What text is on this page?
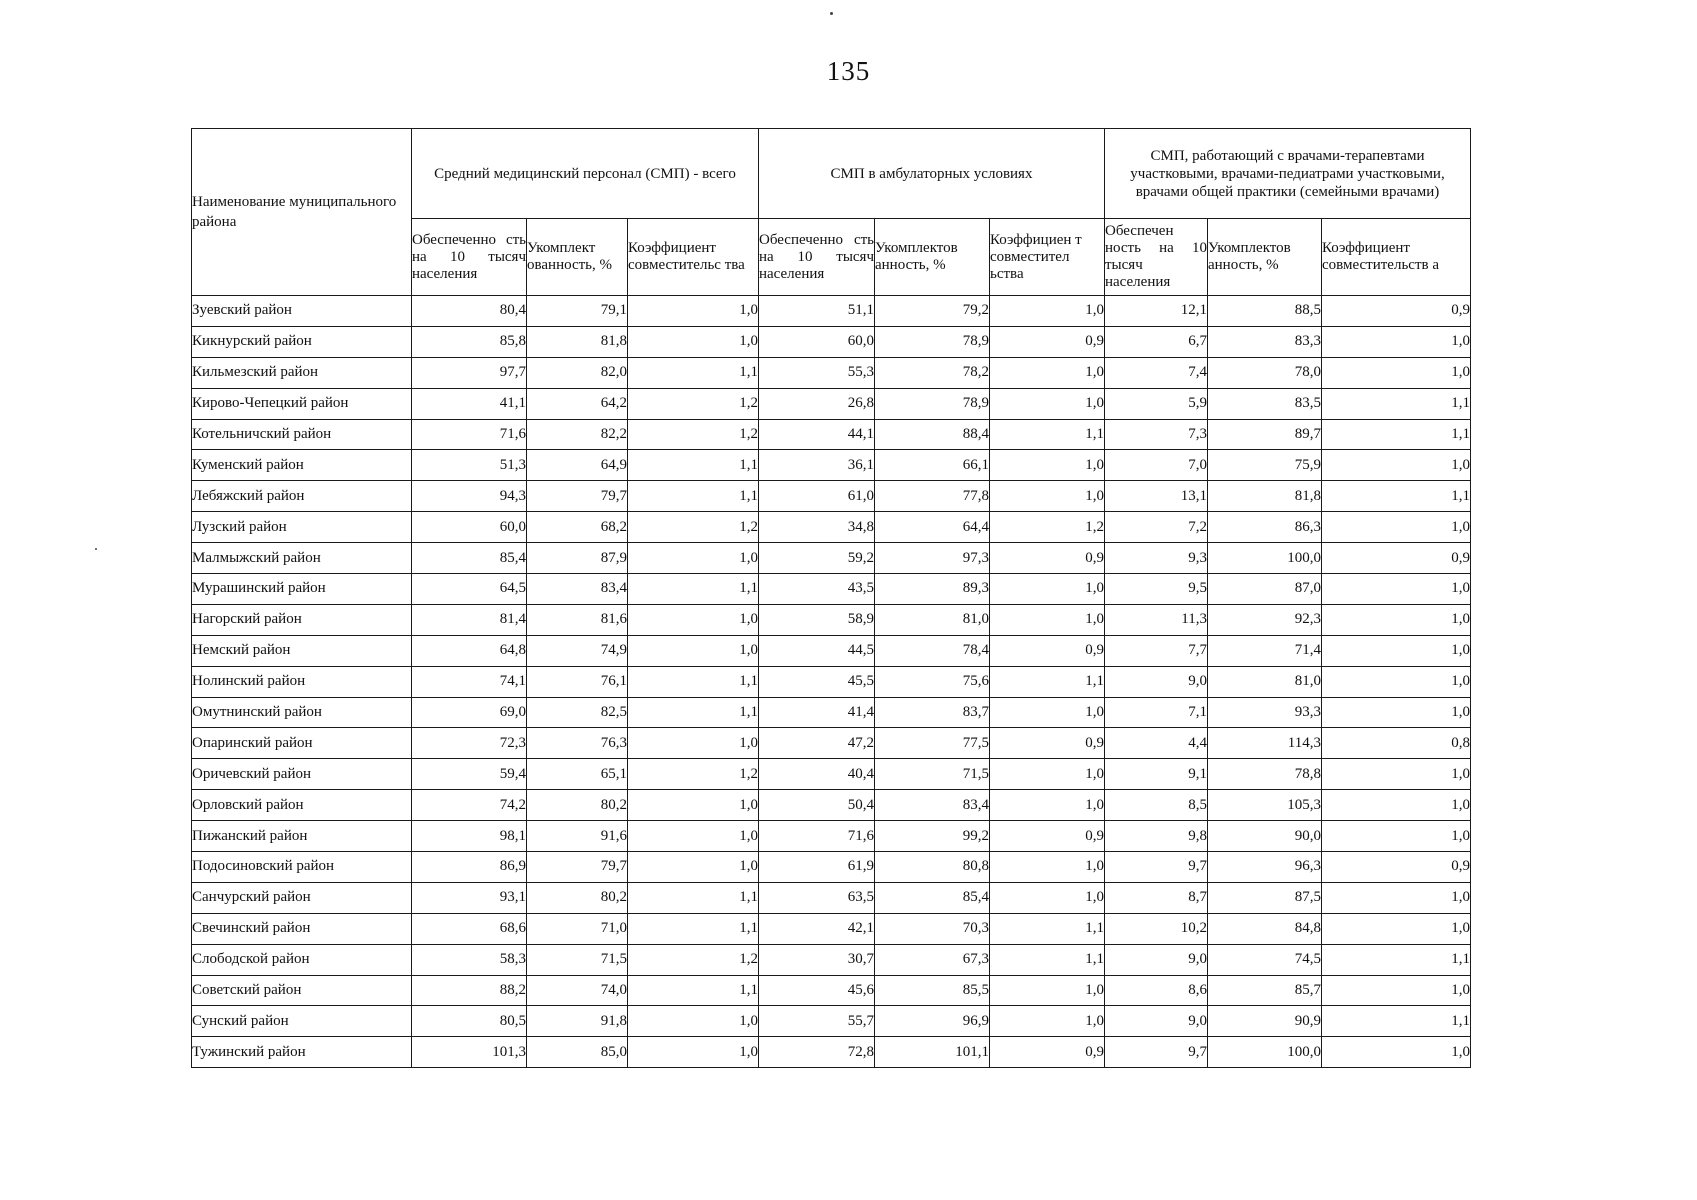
135
Наименование муниципального района	Средний медицинский персонал (СМП) - всего			СМП в амбулаторных условиях			СМП, работающий с врачами-терапевтами участковыми, врачами-педиатрами участковыми, врачами общей практики (семейными врачами)		

	Обеспеченно сть на 10 тысяч населения	Укомплект ованность, %	Коэффициент совместительс тва	Обеспеченно сть на 10 тысяч населения	Укомплектов анность, %	Коэффициен т совместител ьства	Обеспечен ность на 10 тысяч населения	Укомплектов анность, %	Коэффициент совместительств а
Зуевский район	80,4	79,1	1,0	51,1	79,2	1,0	12,1	88,5	0,9
Кикнурский район	85,8	81,8	1,0	60,0	78,9	0,9	6,7	83,3	1,0
Кильмезский район	97,7	82,0	1,1	55,3	78,2	1,0	7,4	78,0	1,0
Кирово-Чепецкий район	41,1	64,2	1,2	26,8	78,9	1,0	5,9	83,5	1,1
Котельничский район	71,6	82,2	1,2	44,1	88,4	1,1	7,3	89,7	1,1
Куменский район	51,3	64,9	1,1	36,1	66,1	1,0	7,0	75,9	1,0
Лебяжский район	94,3	79,7	1,1	61,0	77,8	1,0	13,1	81,8	1,1
Лузский район	60,0	68,2	1,2	34,8	64,4	1,2	7,2	86,3	1,0
Малмыжский район	85,4	87,9	1,0	59,2	97,3	0,9	9,3	100,0	0,9
Мурашинский район	64,5	83,4	1,1	43,5	89,3	1,0	9,5	87,0	1,0
Нагорский район	81,4	81,6	1,0	58,9	81,0	1,0	11,3	92,3	1,0
Немский район	64,8	74,9	1,0	44,5	78,4	0,9	7,7	71,4	1,0
Нолинский район	74,1	76,1	1,1	45,5	75,6	1,1	9,0	81,0	1,0
Омутнинский район	69,0	82,5	1,1	41,4	83,7	1,0	7,1	93,3	1,0
Опаринский район	72,3	76,3	1,0	47,2	77,5	0,9	4,4	114,3	0,8
Оричевский район	59,4	65,1	1,2	40,4	71,5	1,0	9,1	78,8	1,0
Орловский район	74,2	80,2	1,0	50,4	83,4	1,0	8,5	105,3	1,0
Пижанский район	98,1	91,6	1,0	71,6	99,2	0,9	9,8	90,0	1,0
Подосиновский район	86,9	79,7	1,0	61,9	80,8	1,0	9,7	96,3	0,9
Санчурский район	93,1	80,2	1,1	63,5	85,4	1,0	8,7	87,5	1,0
Свечинский район	68,6	71,0	1,1	42,1	70,3	1,1	10,2	84,8	1,0
Слободской район	58,3	71,5	1,2	30,7	67,3	1,1	9,0	74,5	1,1
Советский район	88,2	74,0	1,1	45,6	85,5	1,0	8,6	85,7	1,0
Сунский район	80,5	91,8	1,0	55,7	96,9	1,0	9,0	90,9	1,1
Тужинский район	101,3	85,0	1,0	72,8	101,1	0,9	9,7	100,0	1,0
